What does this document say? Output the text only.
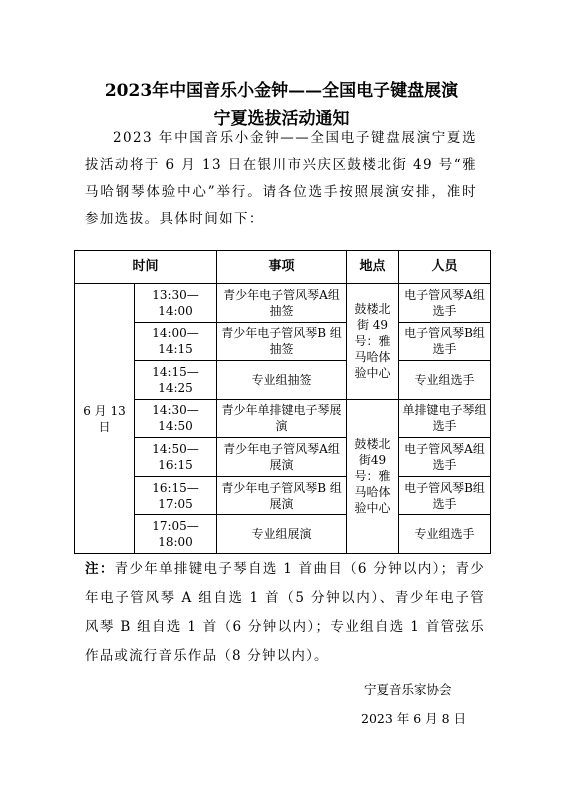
2023年中国音乐小金钟——全国电子键盘展演
宁夏选拔活动通知
2023 年中国音乐小金钟——全国电子键盘展演宁夏选拔活动将于 6 月 13 日在银川市兴庆区鼓楼北街 49 号“雅马哈钢琴体验中心”举行。请各位选手按照展演安排，准时参加选拔。具体时间如下：
时间		事项	地点	人员
6 月 13 日	13:30—14:00	青少年电子管风琴A组抽签	鼓楼北街 49号：雅马哈体验中心	电子管风琴A组选手
	14:00—14:15	青少年电子管风琴B 组抽签		电子管风琴B组选手
	14:15—14:25	专业组抽签		专业组选手
	14:30—14:50	青少年单排键电子琴展演	鼓楼北街49号：雅马哈体验中心	单排键电子琴组选手
	14:50—16:15	青少年电子管风琴A组展演		电子管风琴A组选手
	16:15—17:05	青少年电子管风琴B 组展演		电子管风琴B组选手
	17:05—18:00	专业组展演		专业组选手
注：青少年单排键电子琴自选 1 首曲目（6 分钟以内）；青少年电子管风琴 A 组自选 1 首（5 分钟以内）、青少年电子管风琴 B 组自选 1 首（6 分钟以内）；专业组自选 1 首管弦乐作品或流行音乐作品（8 分钟以内）。
宁夏音乐家协会
2023 年 6 月 8 日
